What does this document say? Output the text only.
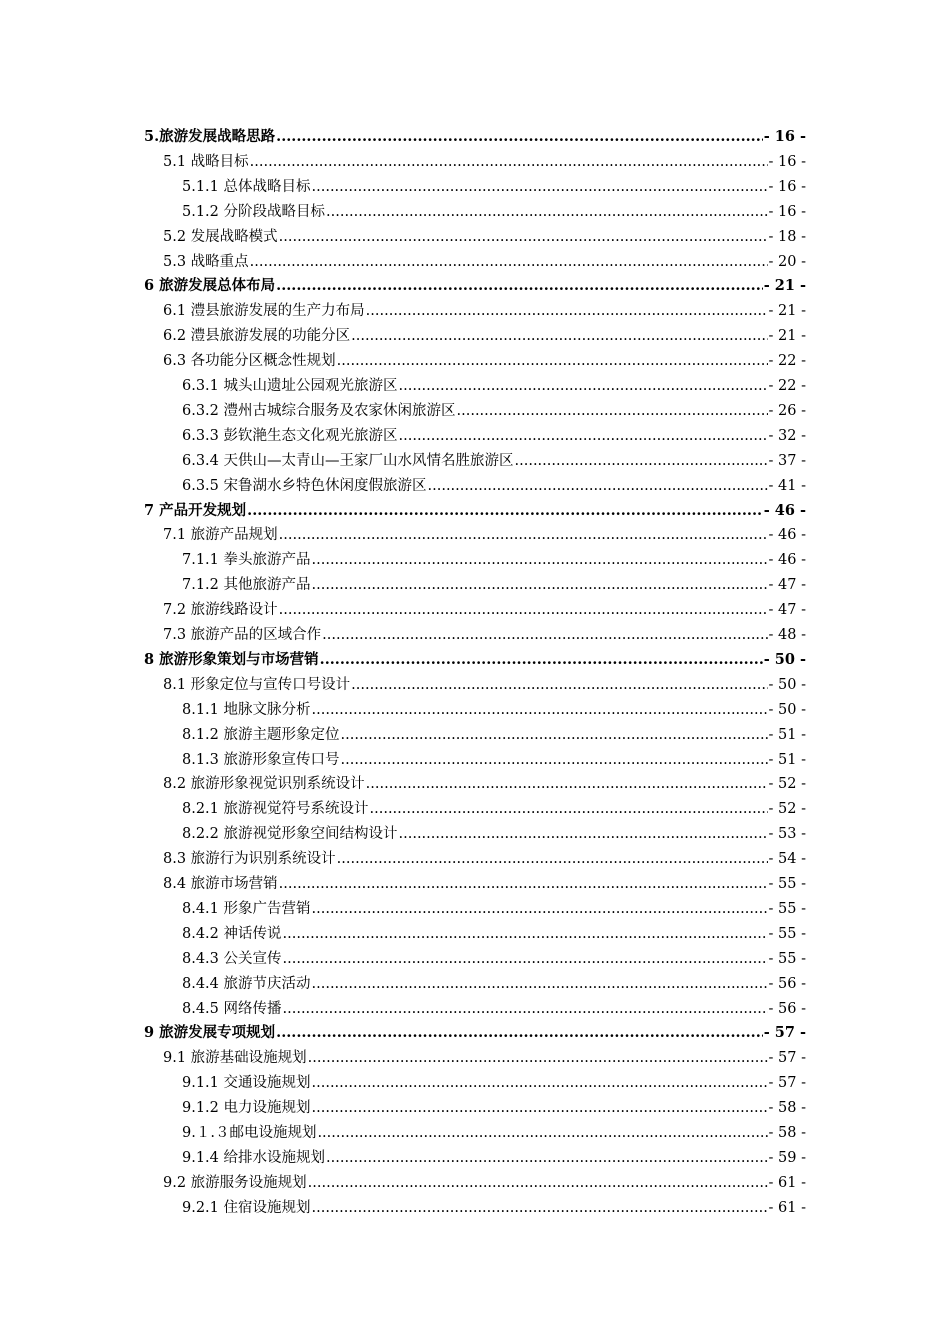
5.旅游发展战略思路 .....	- 16 -
5.1 战略目标 .....	- 16 -
5.1.1 总体战略目标 .....	- 16 -
5.1.2 分阶段战略目标 .....	- 16 -
5.2 发展战略模式 .....	- 18 -
5.3 战略重点 .....	- 20 -
6 旅游发展总体布局 .....	- 21 -
6.1 澧县旅游发展的生产力布局 .....	- 21 -
6.2 澧县旅游发展的功能分区 .....	- 21 -
6.3 各功能分区概念性规划 .....	- 22 -
6.3.1 城头山遗址公园观光旅游区 .....	- 22 -
6.3.2 澧州古城综合服务及农家休闲旅游区 .....	- 26 -
6.3.3 彭钦滟生态文化观光旅游区 .....	- 32 -
6.3.4 天供山—太青山—王家厂山水风情名胜旅游区 .....	- 37 -
6.3.5 宋鲁湖水乡特色休闲度假旅游区 .....	- 41 -
7 产品开发规划 .....	- 46 -
7.1 旅游产品规划 .....	- 46 -
7.1.1 拳头旅游产品 .....	- 46 -
7.1.2 其他旅游产品 .....	- 47 -
7.2 旅游线路设计 .....	- 47 -
7.3 旅游产品的区域合作 .....	- 48 -
8 旅游形象策划与市场营销 .....	- 50 -
8.1 形象定位与宣传口号设计 .....	- 50 -
8.1.1 地脉文脉分析 .....	- 50 -
8.1.2 旅游主题形象定位 .....	- 51 -
8.1.3 旅游形象宣传口号 .....	- 51 -
8.2 旅游形象视觉识别系统设计 .....	- 52 -
8.2.1 旅游视觉符号系统设计 .....	- 52 -
8.2.2 旅游视觉形象空间结构设计 .....	- 53 -
8.3 旅游行为识别系统设计 .....	- 54 -
8.4 旅游市场营销 .....	- 55 -
8.4.1 形象广告营销 .....	- 55 -
8.4.2 神话传说 .....	- 55 -
8.4.3 公关宣传 .....	- 55 -
8.4.4 旅游节庆活动 .....	- 56 -
8.4.5 网络传播 .....	- 56 -
9 旅游发展专项规划 .....	- 57 -
9.1 旅游基础设施规划 .....	- 57 -
9.1.1 交通设施规划 .....	- 57 -
9.1.2 电力设施规划 .....	- 58 -
9.１.３邮电设施规划 .....	- 58 -
9.1.4 给排水设施规划 .....	- 59 -
9.2 旅游服务设施规划 .....	- 61 -
9.2.1 住宿设施规划 .....	- 61 -
